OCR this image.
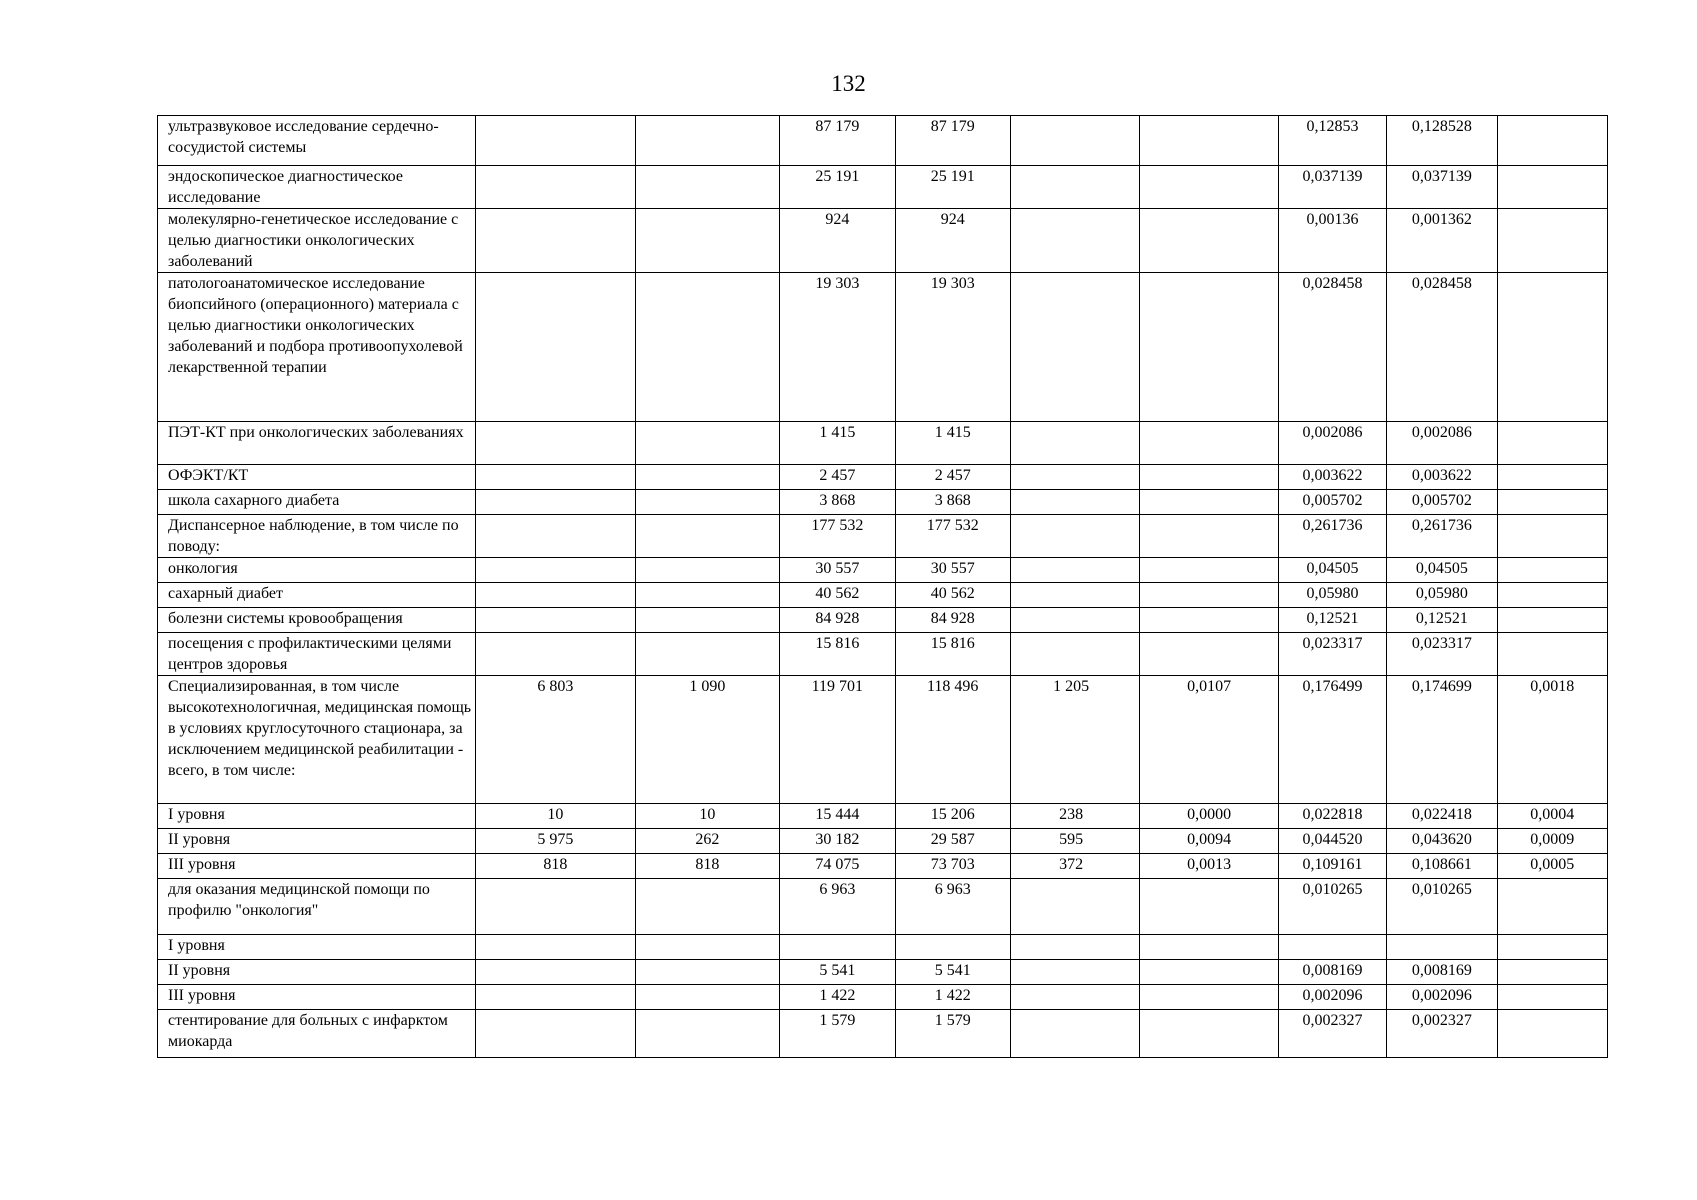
132
ультразвуковое исследование сердечно-сосудистой системы			87 179	87 179			0,12853	0,128528	
эндоскопическое диагностическое исследование			25 191	25 191			0,037139	0,037139	
молекулярно-генетическое исследование с целью диагностики онкологических заболеваний			924	924			0,00136	0,001362	
патологоанатомическое исследование биопсийного (операционного) материала с целью диагностики онкологических заболеваний и подбора противоопухолевой лекарственной терапии			19 303	19 303			0,028458	0,028458	
ПЭТ-КТ при онкологических заболеваниях			1 415	1 415			0,002086	0,002086	
ОФЭКТ/КТ			2 457	2 457			0,003622	0,003622	
школа сахарного диабета			3 868	3 868			0,005702	0,005702	
Диспансерное наблюдение, в том числе по поводу:			177 532	177 532			0,261736	0,261736	
онкология			30 557	30 557			0,04505	0,04505	
сахарный диабет			40 562	40 562			0,05980	0,05980	
болезни системы кровообращения			84 928	84 928			0,12521	0,12521	
посещения с профилактическими целями центров здоровья			15 816	15 816			0,023317	0,023317	
Специализированная, в том числе высокотехнологичная, медицинская помощь в условиях круглосуточного стационара, за исключением медицинской реабилитации - всего, в том числе:	6 803	1 090	119 701	118 496	1 205	0,0107	0,176499	0,174699	0,0018
I уровня	10	10	15 444	15 206	238	0,0000	0,022818	0,022418	0,0004
II уровня	5 975	262	30 182	29 587	595	0,0094	0,044520	0,043620	0,0009
III уровня	818	818	74 075	73 703	372	0,0013	0,109161	0,108661	0,0005
для оказания медицинской помощи по профилю "онкология"			6 963	6 963			0,010265	0,010265	
I уровня									
II уровня			5 541	5 541			0,008169	0,008169	
III уровня			1 422	1 422			0,002096	0,002096	
стентирование для больных с инфарктом миокарда			1 579	1 579			0,002327	0,002327	
